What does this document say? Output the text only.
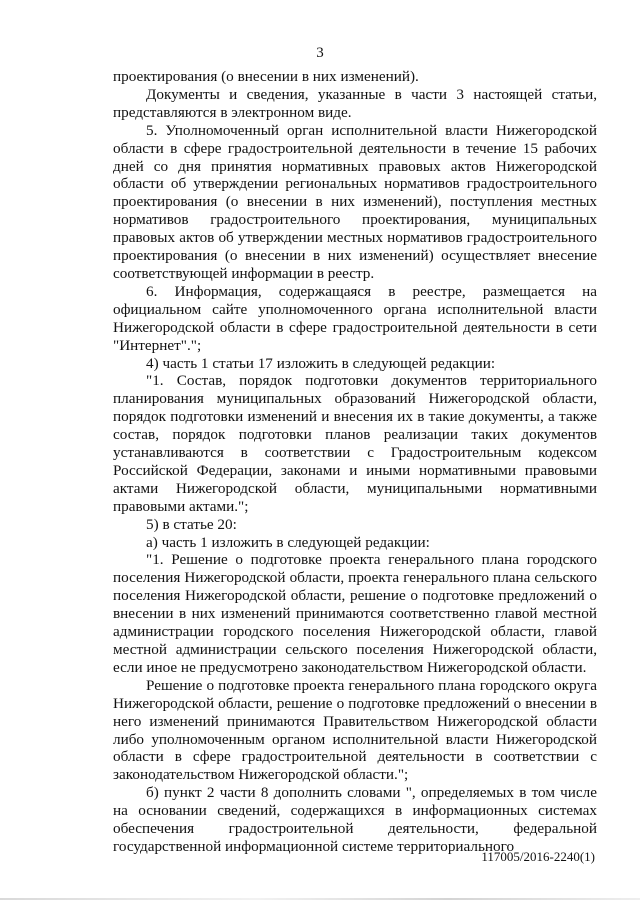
3

проектирования (о внесении в них изменений).

Документы и сведения, указанные в части 3 настоящей статьи, представляются в электронном виде.

5. Уполномоченный орган исполнительной власти Нижегородской области в сфере градостроительной деятельности в течение 15 рабочих дней со дня принятия нормативных правовых актов Нижегородской области об утверждении региональных нормативов градостроительного проектирования (о внесении в них изменений), поступления местных нормативов градостроительного проектирования, муниципальных правовых актов об утверждении местных нормативов градостроительного проектирования (о внесении в них изменений) осуществляет внесение соответствующей информации в реестр.

6. Информация, содержащаяся в реестре, размещается на официальном сайте уполномоченного органа исполнительной власти Нижегородской области в сфере градостроительной деятельности в сети "Интернет".";

4) часть 1 статьи 17 изложить в следующей редакции:

"1. Состав, порядок подготовки документов территориального планирования муниципальных образований Нижегородской области, порядок подготовки изменений и внесения их в такие документы, а также состав, порядок подготовки планов реализации таких документов устанавливаются в соответствии с Градостроительным кодексом Российской Федерации, законами и иными нормативными правовыми актами Нижегородской области, муниципальными нормативными правовыми актами.";

5) в статье 20:

а) часть 1 изложить в следующей редакции:

"1. Решение о подготовке проекта генерального плана городского поселения Нижегородской области, проекта генерального плана сельского поселения Нижегородской области, решение о подготовке предложений о внесении в них изменений принимаются соответственно главой местной администрации городского поселения Нижегородской области, главой местной администрации сельского поселения Нижегородской области, если иное не предусмотрено законодательством Нижегородской области.

Решение о подготовке проекта генерального плана городского округа Нижегородской области, решение о подготовке предложений о внесении в него изменений принимаются Правительством Нижегородской области либо уполномоченным органом исполнительной власти Нижегородской области в сфере градостроительной деятельности в соответствии с законодательством Нижегородской области.";

б) пункт 2 части 8 дополнить словами ", определяемых в том числе на основании сведений, содержащихся в информационных системах обеспечения градостроительной деятельности, федеральной государственной информационной системе территориального

117005/2016-2240(1)
